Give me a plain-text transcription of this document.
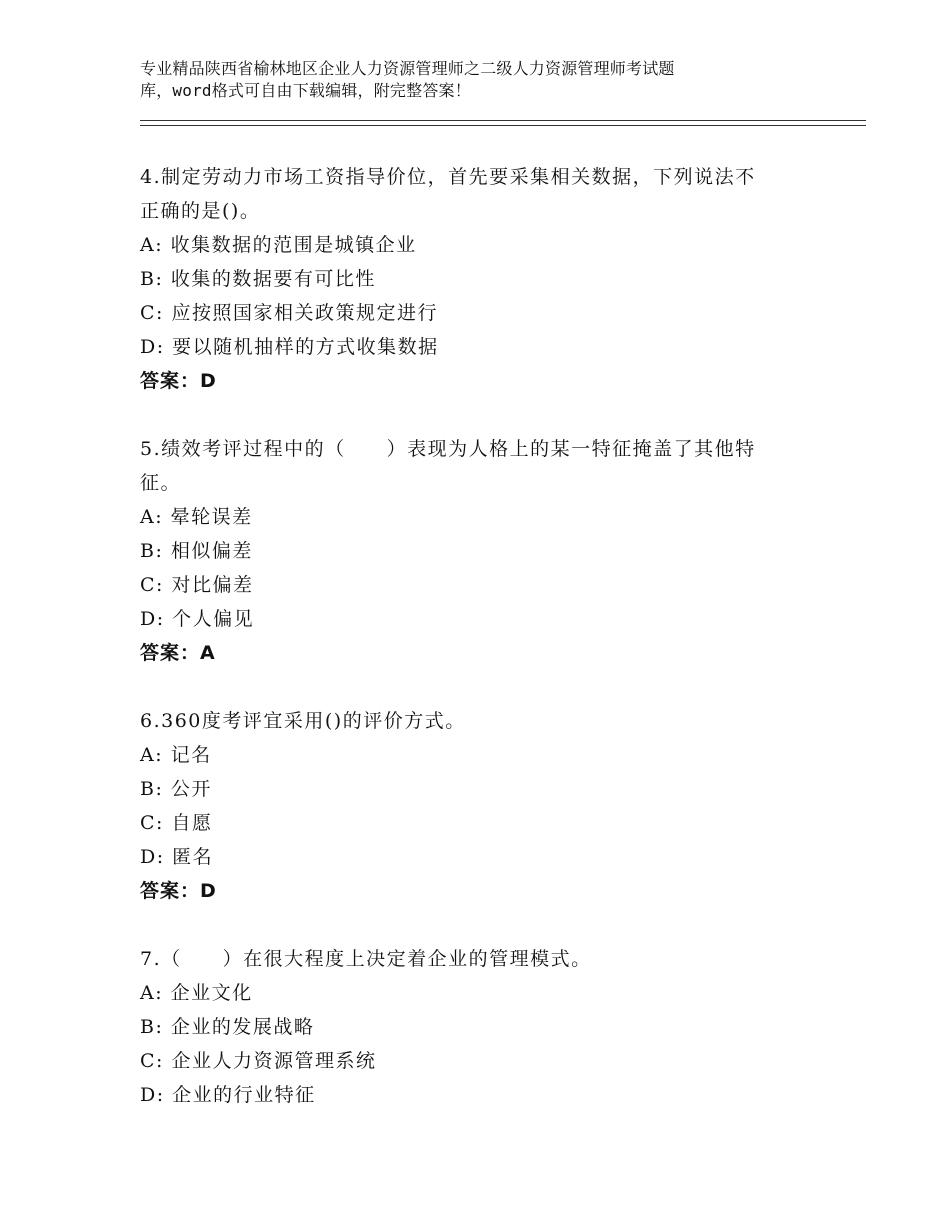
专业精品陕西省榆林地区企业人力资源管理师之二级人力资源管理师考试题
库，word格式可自由下载编辑，附完整答案！
4.制定劳动力市场工资指导价位，首先要采集相关数据，下列说法不
正确的是()。
A: 收集数据的范围是城镇企业
B: 收集的数据要有可比性
C: 应按照国家相关政策规定进行
D: 要以随机抽样的方式收集数据
答案：D
5.绩效考评过程中的（　　）表现为人格上的某一特征掩盖了其他特
征。
A: 晕轮误差
B: 相似偏差
C: 对比偏差
D: 个人偏见
答案：A
6.360度考评宜采用()的评价方式。
A: 记名
B: 公开
C: 自愿
D: 匿名
答案：D
7.（　　）在很大程度上决定着企业的管理模式。
A: 企业文化
B: 企业的发展战略
C: 企业人力资源管理系统
D: 企业的行业特征
